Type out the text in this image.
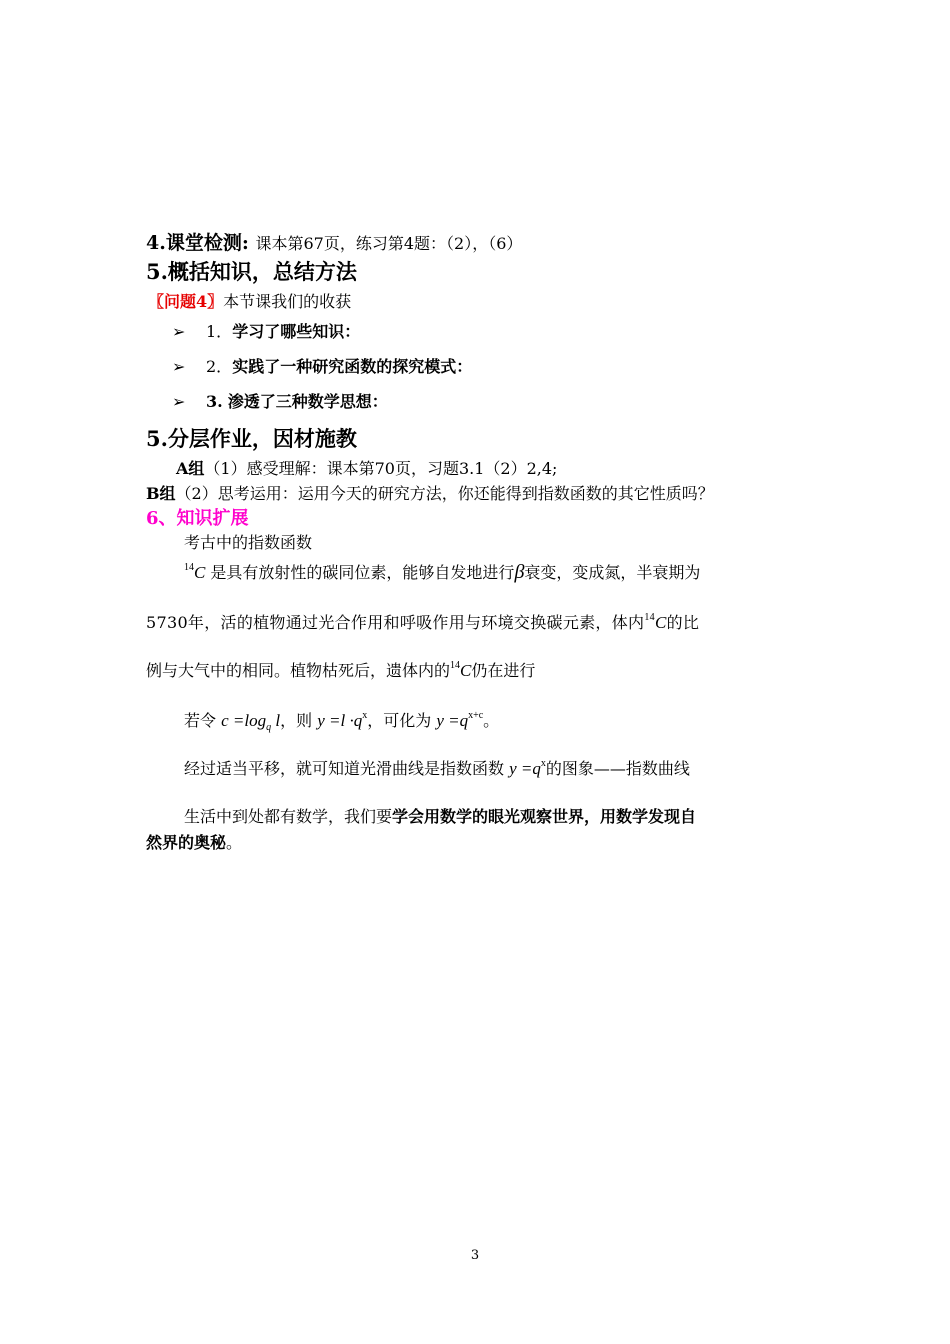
4.课堂检测: 课本第67页，练习第4题：（2），（6）
5.概括知识，总结方法
〖问题4〗本节课我们的收获
➢ 1．学习了哪些知识：
➢ 2．实践了一种研究函数的探究模式：
➢ 3. 渗透了三种数学思想：
5.分层作业，因材施教
A组（1）感受理解：课本第70页，习题3.1（2）2,4;
B组（2）思考运用：运用今天的研究方法，你还能得到指数函数的其它性质吗？
6、知识扩展
考古中的指数函数
$^{14}$C 是具有放射性的碳同位素，能够自发地进行β衰变，变成氮，半衰期为
5730年，活的植物通过光合作用和呼吸作用与环境交换碳元素，体内$^{14}$C的比
例与大气中的相同。植物枯死后，遗体内的$^{14}$C仍在进行
若令 $c =\log_q$ l，则 $y =l \cdot q^x$，可化为 $y =q^{x+c}$。
经过适当平移，就可知道光滑曲线是指数函数 $y =q^x$的图象——指数曲线
生活中到处都有数学，我们要学会用数学的眼光观察世界，用数学发现自
然界的奥秘。
3
